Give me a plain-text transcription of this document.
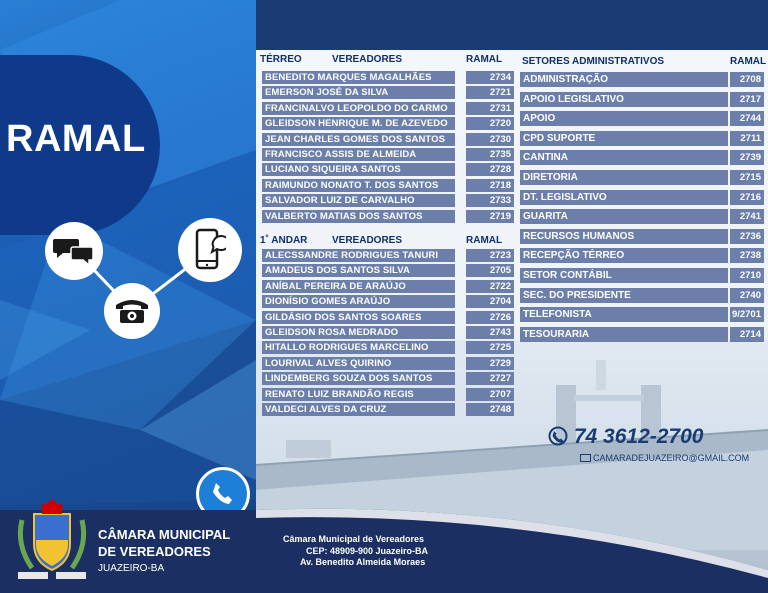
RAMAL
TÉRREO	VEREADORES	RAMAL
BENEDITO MARQUES MAGALHÃES	2734
EMERSON JOSÉ DA SILVA	2721
FRANCINALVO LEOPOLDO DO CARMO	2731
GLEIDSON HENRIQUE M. DE AZEVEDO	2720
JEAN CHARLES GOMES DOS SANTOS	2730
FRANCISCO ASSIS DE ALMEIDA	2735
LUCIANO SIQUEIRA SANTOS	2728
RAIMUNDO NONATO T. DOS SANTOS	2718
SALVADOR LUIZ DE CARVALHO	2733
VALBERTO MATIAS DOS SANTOS	2719
1˚ ANDAR VEREADORES	RAMAL
ALECSSANDRE RODRIGUES TANURI	2723
AMADEUS DOS SANTOS SILVA	2705
ANÍBAL PEREIRA DE ARAÚJO	2722
DIONÍSIO GOMES ARAÚJO	2704
GILDÁSIO DOS SANTOS SOARES	2726
GLEIDSON ROSA MEDRADO	2743
HITALLO RODRIGUES MARCELINO	2725
LOURIVAL ALVES QUIRINO	2729
LINDEMBERG SOUZA DOS SANTOS	2727
RENATO LUIZ BRANDÃO REGIS	2707
VALDECI ALVES DA CRUZ	2748
SETORES ADMINISTRATIVOS	RAMAL
ADMINISTRAÇÃO	2708
APOIO LEGISLATIVO	2717
APOIO	2744
CPD SUPORTE	2711
CANTINA	2739
DIRETORIA	2715
DT. LEGISLATIVO	2716
GUARITA	2741
RECURSOS HUMANOS	2736
RECEPÇÃO TÉRREO	2738
SETOR CONTÁBIL	2710
SEC. DO PRESIDENTE	2740
TELEFONISTA	9/2701
TESOURARIA	2714
74 3612-2700
CAMARADEJUAZEIRO@GMAIL.COM
CÂMARA MUNICIPAL
DE VEREADORES
JUAZEIRO-BA
Câmara Municipal de Vereadores
CEP: 48909-900 Juazeiro-BA
Av. Benedito Almeida Moraes
